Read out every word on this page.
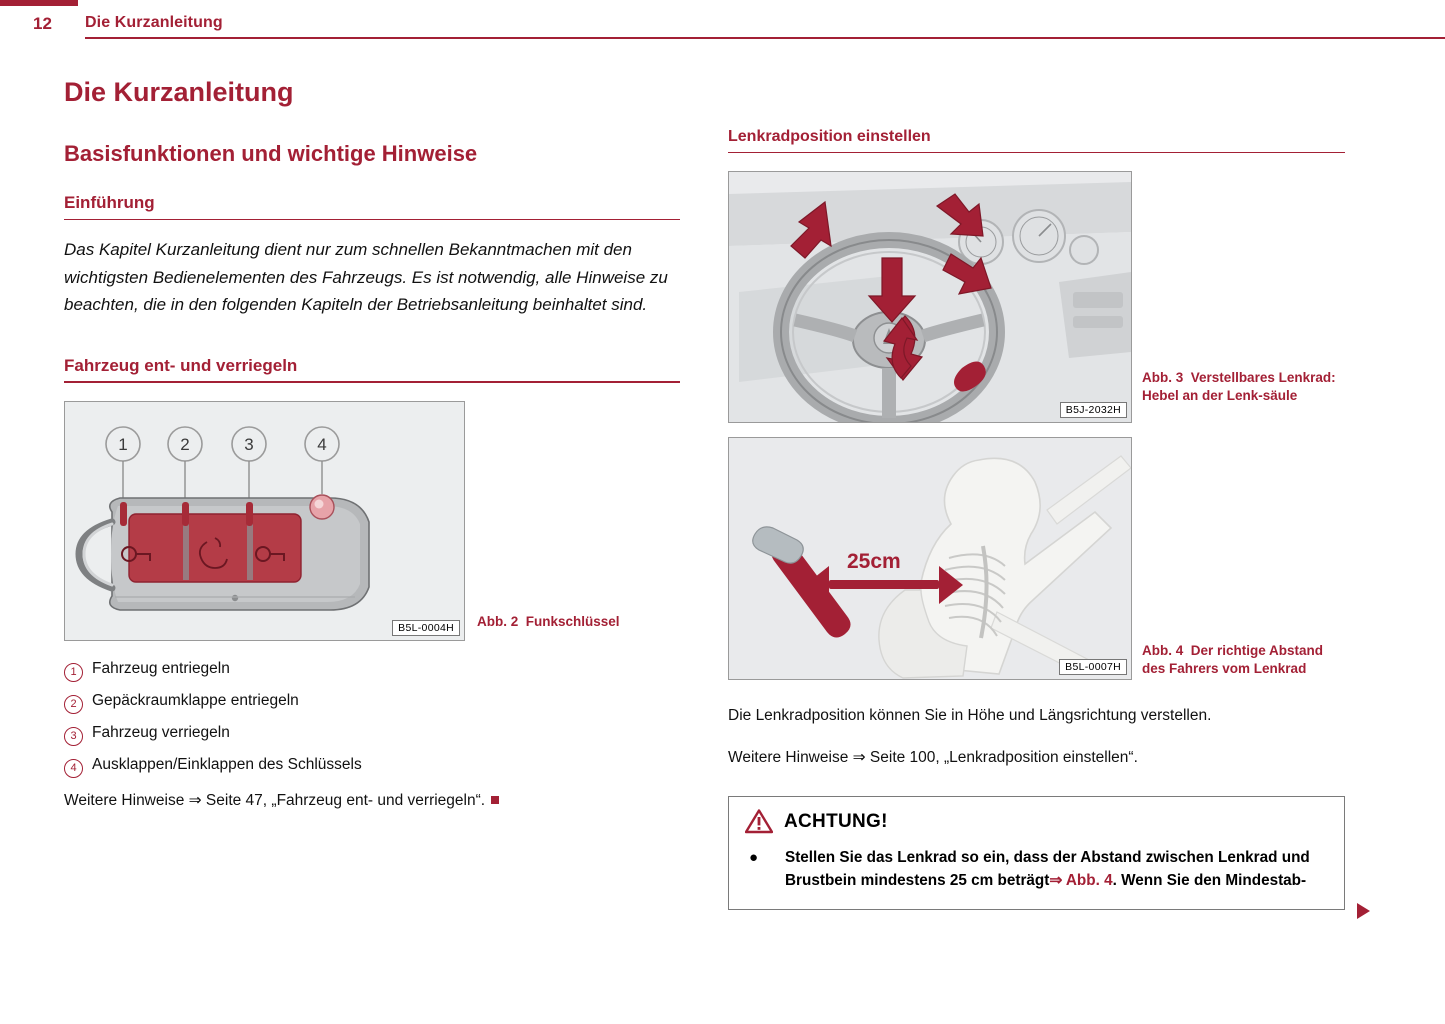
12 Die Kurzanleitung
Die Kurzanleitung
Basisfunktionen und wichtige Hinweise
Einführung
Das Kapitel Kurzanleitung dient nur zum schnellen Bekanntmachen mit den wichtigsten Bedienelementen des Fahrzeugs. Es ist notwendig, alle Hinweise zu beachten, die in den folgenden Kapiteln der Betriebsanleitung beinhaltet sind.
Fahrzeug ent- und verriegeln
1	2	3	4
B5L-0004H	Abb. 2 Funkschlüssel
1 Fahrzeug entriegeln
2 Gepäckraumklappe entriegeln
3 Fahrzeug verriegeln
4 Ausklappen/Einklappen des Schlüssels
Weitere Hinweise ⇒ Seite 47, „Fahrzeug ent- und verriegeln“.
Lenkradposition einstellen
B5J-2032H
Abb. 3 Verstellbares Lenkrad: Hebel an der Lenk-säule
25cm
B5L-0007H
Abb. 4 Der richtige Abstand des Fahrers vom Lenkrad

Die Lenkradposition können Sie in Höhe und Längsrichtung verstellen.

Weitere Hinweise ⇒ Seite 100, „Lenkradposition einstellen“.

ACHTUNG!
●	Stellen Sie das Lenkrad so ein, dass der Abstand zwischen Lenkrad und Brustbein mindestens 25 cm beträgt⇒ Abb. 4. Wenn Sie den Mindestab-
